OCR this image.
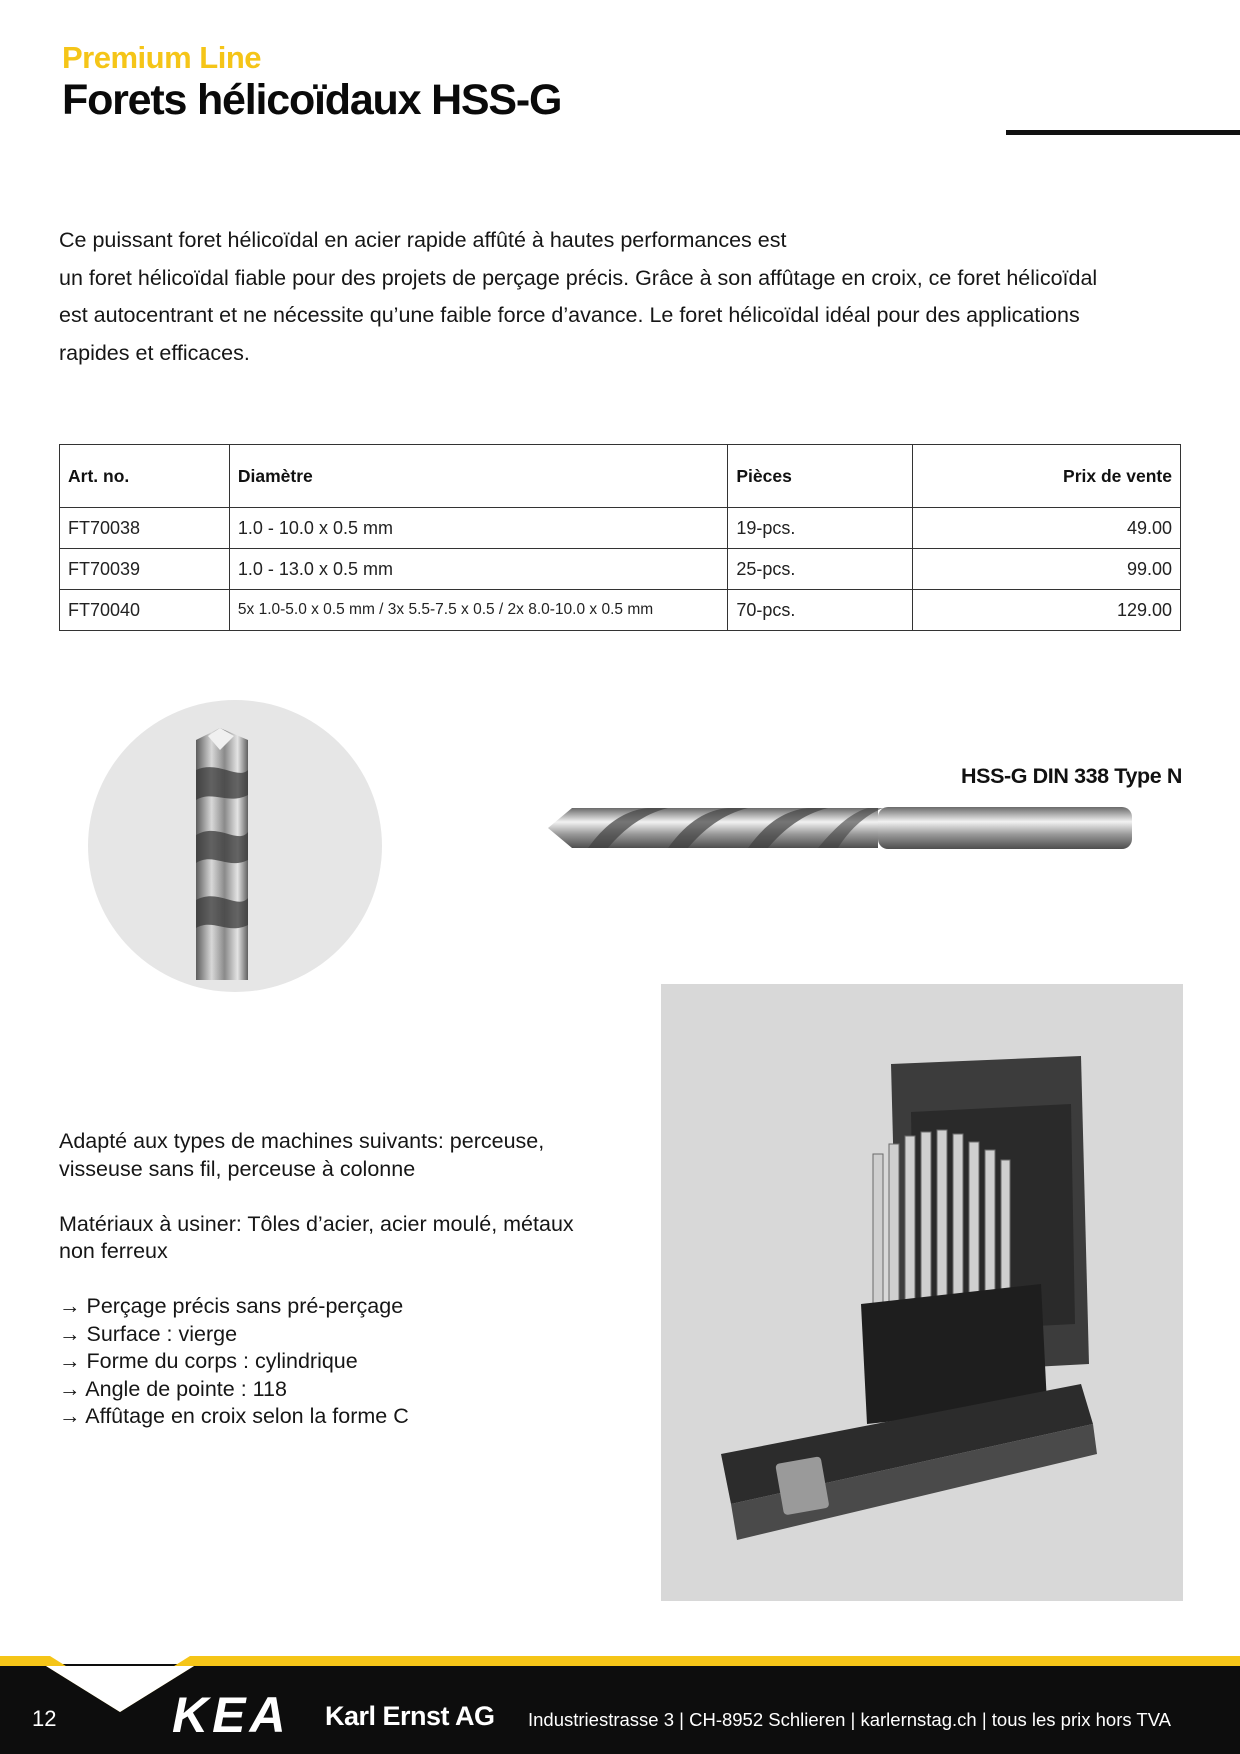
Premium Line
Forets hélicoïdaux HSS-G
Ce puissant foret hélicoïdal en acier rapide affûté à hautes performances est
un foret hélicoïdal fiable pour des projets de perçage précis. Grâce à son affûtage en croix, ce foret hélicoïdal
est autocentrant et ne nécessite qu’une faible force d’avance. Le foret hélicoïdal idéal pour des applications
rapides et efficaces.
Art. no.	Diamètre	Pièces	Prix de vente
FT70038	1.0 - 10.0 x 0.5 mm	19-pcs.	49.00
FT70039	1.0 - 13.0 x 0.5 mm	25-pcs.	99.00
FT70040	5x 1.0-5.0 x 0.5 mm / 3x 5.5-7.5 x 0.5 / 2x 8.0-10.0 x 0.5 mm	70-pcs.	129.00
HSS-G DIN 338 Type N

Adapté aux types de machines suivants: perceuse,

visseuse sans fil, perceuse à colonne

Matériaux à usiner: Tôles d’acier, acier moulé, métaux

non ferreux

→ Perçage précis sans pré-perçage

→ Surface : vierge

→ Forme du corps : cylindrique

→ Angle de pointe : 118

→ Affûtage en croix selon la forme C

12 KEA Karl Ernst AG Industriestrasse 3 | CH-8952 Schlieren | karlernstag.ch | tous les prix hors TVA
